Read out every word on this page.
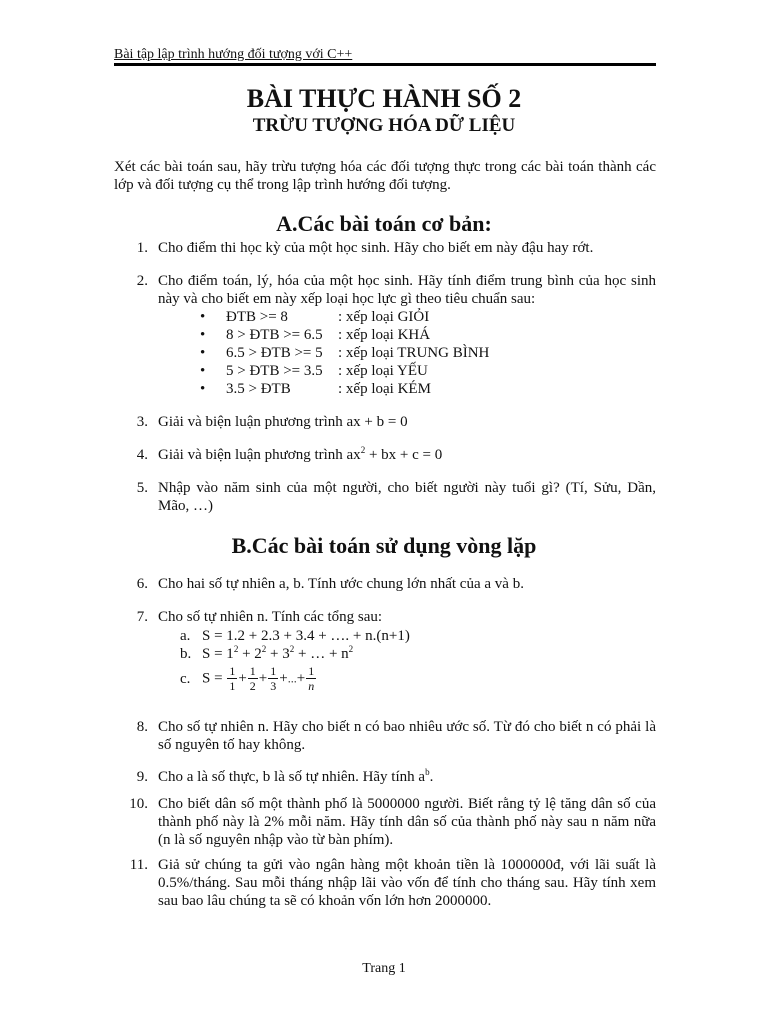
Bài tập lập trình hướng đối tượng với C++
BÀI THỰC HÀNH SỐ 2
TRỪU TƯỢNG HÓA DỮ LIỆU
Xét các bài toán sau, hãy trừu tượng hóa các đối tượng thực trong các bài toán thành các lớp và đối tượng cụ thể trong lập trình hướng đối tượng.
A.Các bài toán cơ bản:
1. Cho điểm thi học kỳ của một học sinh. Hãy cho biết em này đậu hay rớt.
2. Cho điểm toán, lý, hóa của một học sinh. Hãy tính điểm trung bình của học sinh này và cho biết em này xếp loại học lực gì theo tiêu chuẩn sau:
• ĐTB >= 8	: xếp loại GIỎI
• 8 > ĐTB >= 6.5 : xếp loại KHÁ
• 6.5 > ĐTB >= 5 : xếp loại TRUNG BÌNH
• 5 > ĐTB >= 3.5 : xếp loại YẾU
• 3.5 > ĐTB	: xếp loại KÉM
3. Giải và biện luận phương trình ax + b = 0
4. Giải và biện luận phương trình $ax^2$ + bx + c = 0
5. Nhập vào năm sinh của một người, cho biết người này tuổi gì? (Tí, Sửu, Dần, Mão, …)
B.Các bài toán sử dụng vòng lặp
6. Cho hai số tự nhiên a, b. Tính ước chung lớn nhất của a và b.
7. Cho số tự nhiên n. Tính các tổng sau:
a. S = 1.2 + 2.3 + 3.4 + …. + n.(n+1)
b. $S = 1^2 + 2^2 + 3^2$ + … + $n^2$
c. $S = \frac{1}{1} + \frac{1}{2} + \frac{1}{3}$ +...+ $\frac{1}{n}$
8. Cho số tự nhiên n. Hãy cho biết n có bao nhiêu ước số. Từ đó cho biết n có phải là số nguyên tố hay không.
9. Cho a là số thực, b là số tự nhiên. Hãy tính $a^b$.
10. Cho biết dân số một thành phố là 5000000 người. Biết rằng tỷ lệ tăng dân số của thành phố này là 2% mỗi năm. Hãy tính dân số của thành phố này sau n năm nữa (n là số nguyên nhập vào từ bàn phím).
11. Giả sử chúng ta gửi vào ngân hàng một khoản tiền là 1000000đ, với lãi suất là 0.5%/tháng. Sau mỗi tháng nhập lãi vào vốn để tính cho tháng sau. Hãy tính xem sau bao lâu chúng ta sẽ có khoản vốn lớn hơn 2000000.
Trang 1
